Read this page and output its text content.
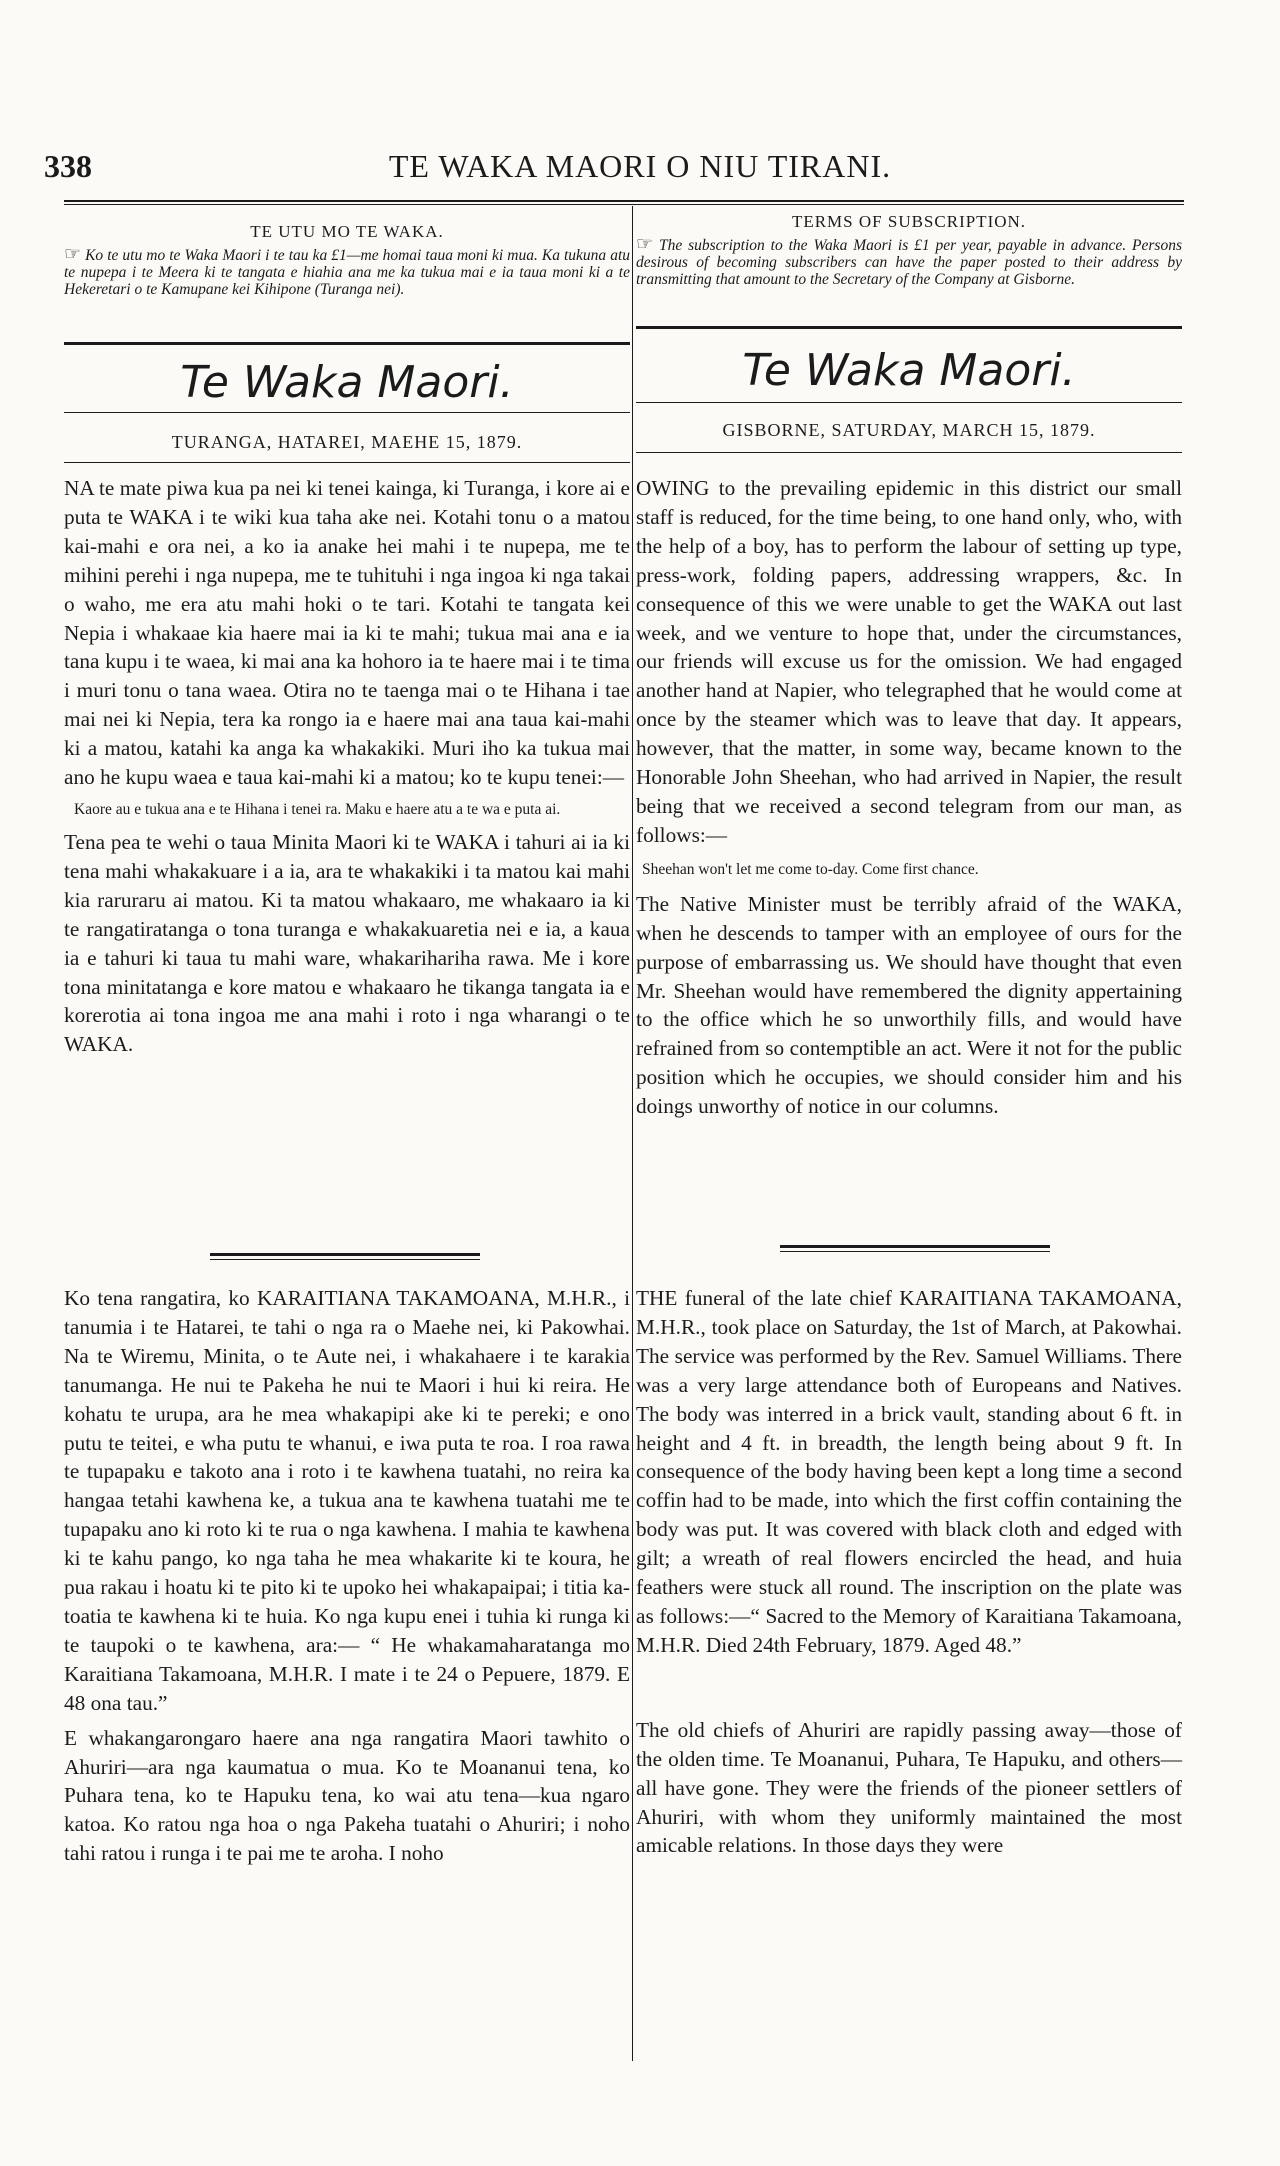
338	TE WAKA MAORI O NIU TIRANI.
TE UTU MO TE WAKA.
☞ Ko te utu mo te Waka Maori i te tau ka £1—me homai taua moni ki mua. Ka tukuna atu te nupepa i te Meera ki te tangata e hiahia ana me ka tukua mai e ia taua moni ki a te Hekeretari o te Kamupane kei Kihipone (Turanga nei).
Te Waka Maori.
TURANGA, HATAREI, MAEHE 15, 1879.

NA te mate piwa kua pa nei ki tenei kainga, ki Turanga, i kore ai e puta te WAKA i te wiki kua taha ake nei. Kotahi tonu o a matou kai-mahi e ora nei, a ko ia anake hei mahi i te nupepa, me te mihini perehi i nga nupepa, me te tuhituhi i nga ingoa ki nga takai o waho, me era atu mahi hoki o te tari. Kotahi te tangata kei Nepia i whakaae kia haere mai ia ki te mahi; tukua mai ana e ia tana kupu i te waea, ki mai ana ka hohoro ia te haere mai i te tima i muri tonu o tana waea. Otira no te taenga mai o te Hihana i tae mai nei ki Nepia, tera ka rongo ia e haere mai ana taua kai-mahi ki a matou, katahi ka anga ka whakakiki. Muri iho ka tukua mai ano he kupu waea e taua kai-mahi ki a matou; ko te kupu tenei:—

Kaore au e tukua ana e te Hihana i tenei ra. Maku e haere atu a te wa e puta ai.

Tena pea te wehi o taua Minita Maori ki te WAKA i tahuri ai ia ki tena mahi whakakuare i a ia, ara te whakakiki i ta matou kai mahi kia raruraru ai matou. Ki ta matou whakaaro, me whakaaro ia ki te rangatiratanga o tona turanga e whakakuaretia nei e ia, a kaua ia e tahuri ki taua tu mahi ware, whakarihariha rawa. Me i kore tona minitatanga e kore matou e whakaaro he tikanga tangata ia e korerotia ai tona ingoa me ana mahi i roto i nga wharangi o te WAKA.

Ko tena rangatira, ko KARAITIANA TAKAMOANA, M.H.R., i tanumia i te Hatarei, te tahi o nga ra o Maehe nei, ki Pakowhai. Na te Wiremu, Minita, o te Aute nei, i whakahaere i te karakia tanumanga. He nui te Pakeha he nui te Maori i hui ki reira. He kohatu te urupa, ara he mea whakapipi ake ki te pereki; e ono putu te teitei, e wha putu te whanui, e iwa puta te roa. I roa rawa te tupapaku e takoto ana i roto i te kawhena tuatahi, no reira ka hangaa tetahi kawhena ke, a tukua ana te kawhena tuatahi me te tupapaku ano ki roto ki te rua o nga kawhena. I mahia te kawhena ki te kahu pango, ko nga taha he mea whakarite ki te koura, he pua rakau i hoatu ki te pito ki te upoko hei whakapaipai; i titia ka-toatia te kawhena ki te huia. Ko nga kupu enei i tuhia ki runga ki te taupoki o te kawhena, ara:— “ He whakamaharatanga mo Karaitiana Takamoana, M.H.R. I mate i te 24 o Pepuere, 1879. E 48 ona tau.”

E whakangarongaro haere ana nga rangatira Maori tawhito o Ahuriri—ara nga kaumatua o mua. Ko te Moananui tena, ko Puhara tena, ko te Hapuku tena, ko wai atu tena—kua ngaro katoa. Ko ratou nga hoa o nga Pakeha tuatahi o Ahuriri; i noho tahi ratou i runga i te pai me te aroha. I noho

TERMS OF SUBSCRIPTION.
☞ The subscription to the Waka Maori is £1 per year, payable in advance. Persons desirous of becoming subscribers can have the paper posted to their address by transmitting that amount to the Secretary of the Company at Gisborne.
Te Waka Maori.
GISBORNE, SATURDAY, MARCH 15, 1879.

OWING to the prevailing epidemic in this district our small staff is reduced, for the time being, to one hand only, who, with the help of a boy, has to perform the labour of setting up type, press-work, folding papers, addressing wrappers, &c. In consequence of this we were unable to get the WAKA out last week, and we venture to hope that, under the circumstances, our friends will excuse us for the omission. We had engaged another hand at Napier, who telegraphed that he would come at once by the steamer which was to leave that day. It appears, however, that the matter, in some way, became known to the Honorable John Sheehan, who had arrived in Napier, the result being that we received a second telegram from our man, as follows:—

Sheehan won't let me come to-day. Come first chance.

The Native Minister must be terribly afraid of the WAKA, when he descends to tamper with an employee of ours for the purpose of embarrassing us. We should have thought that even Mr. Sheehan would have remembered the dignity appertaining to the office which he so unworthily fills, and would have refrained from so contemptible an act. Were it not for the public position which he occupies, we should consider him and his doings unworthy of notice in our columns.

THE funeral of the late chief KARAITIANA TAKAMOANA, M.H.R., took place on Saturday, the 1st of March, at Pakowhai. The service was performed by the Rev. Samuel Williams. There was a very large attendance both of Europeans and Natives. The body was interred in a brick vault, standing about 6 ft. in height and 4 ft. in breadth, the length being about 9 ft. In consequence of the body having been kept a long time a second coffin had to be made, into which the first coffin containing the body was put. It was covered with black cloth and edged with gilt; a wreath of real flowers encircled the head, and huia feathers were stuck all round. The inscription on the plate was as follows:—“ Sacred to the Memory of Karaitiana Takamoana, M.H.R. Died 24th February, 1879. Aged 48.”

The old chiefs of Ahuriri are rapidly passing away—those of the olden time. Te Moananui, Puhara, Te Hapuku, and others—all have gone. They were the friends of the pioneer settlers of Ahuriri, with whom they uniformly maintained the most amicable relations. In those days they were
